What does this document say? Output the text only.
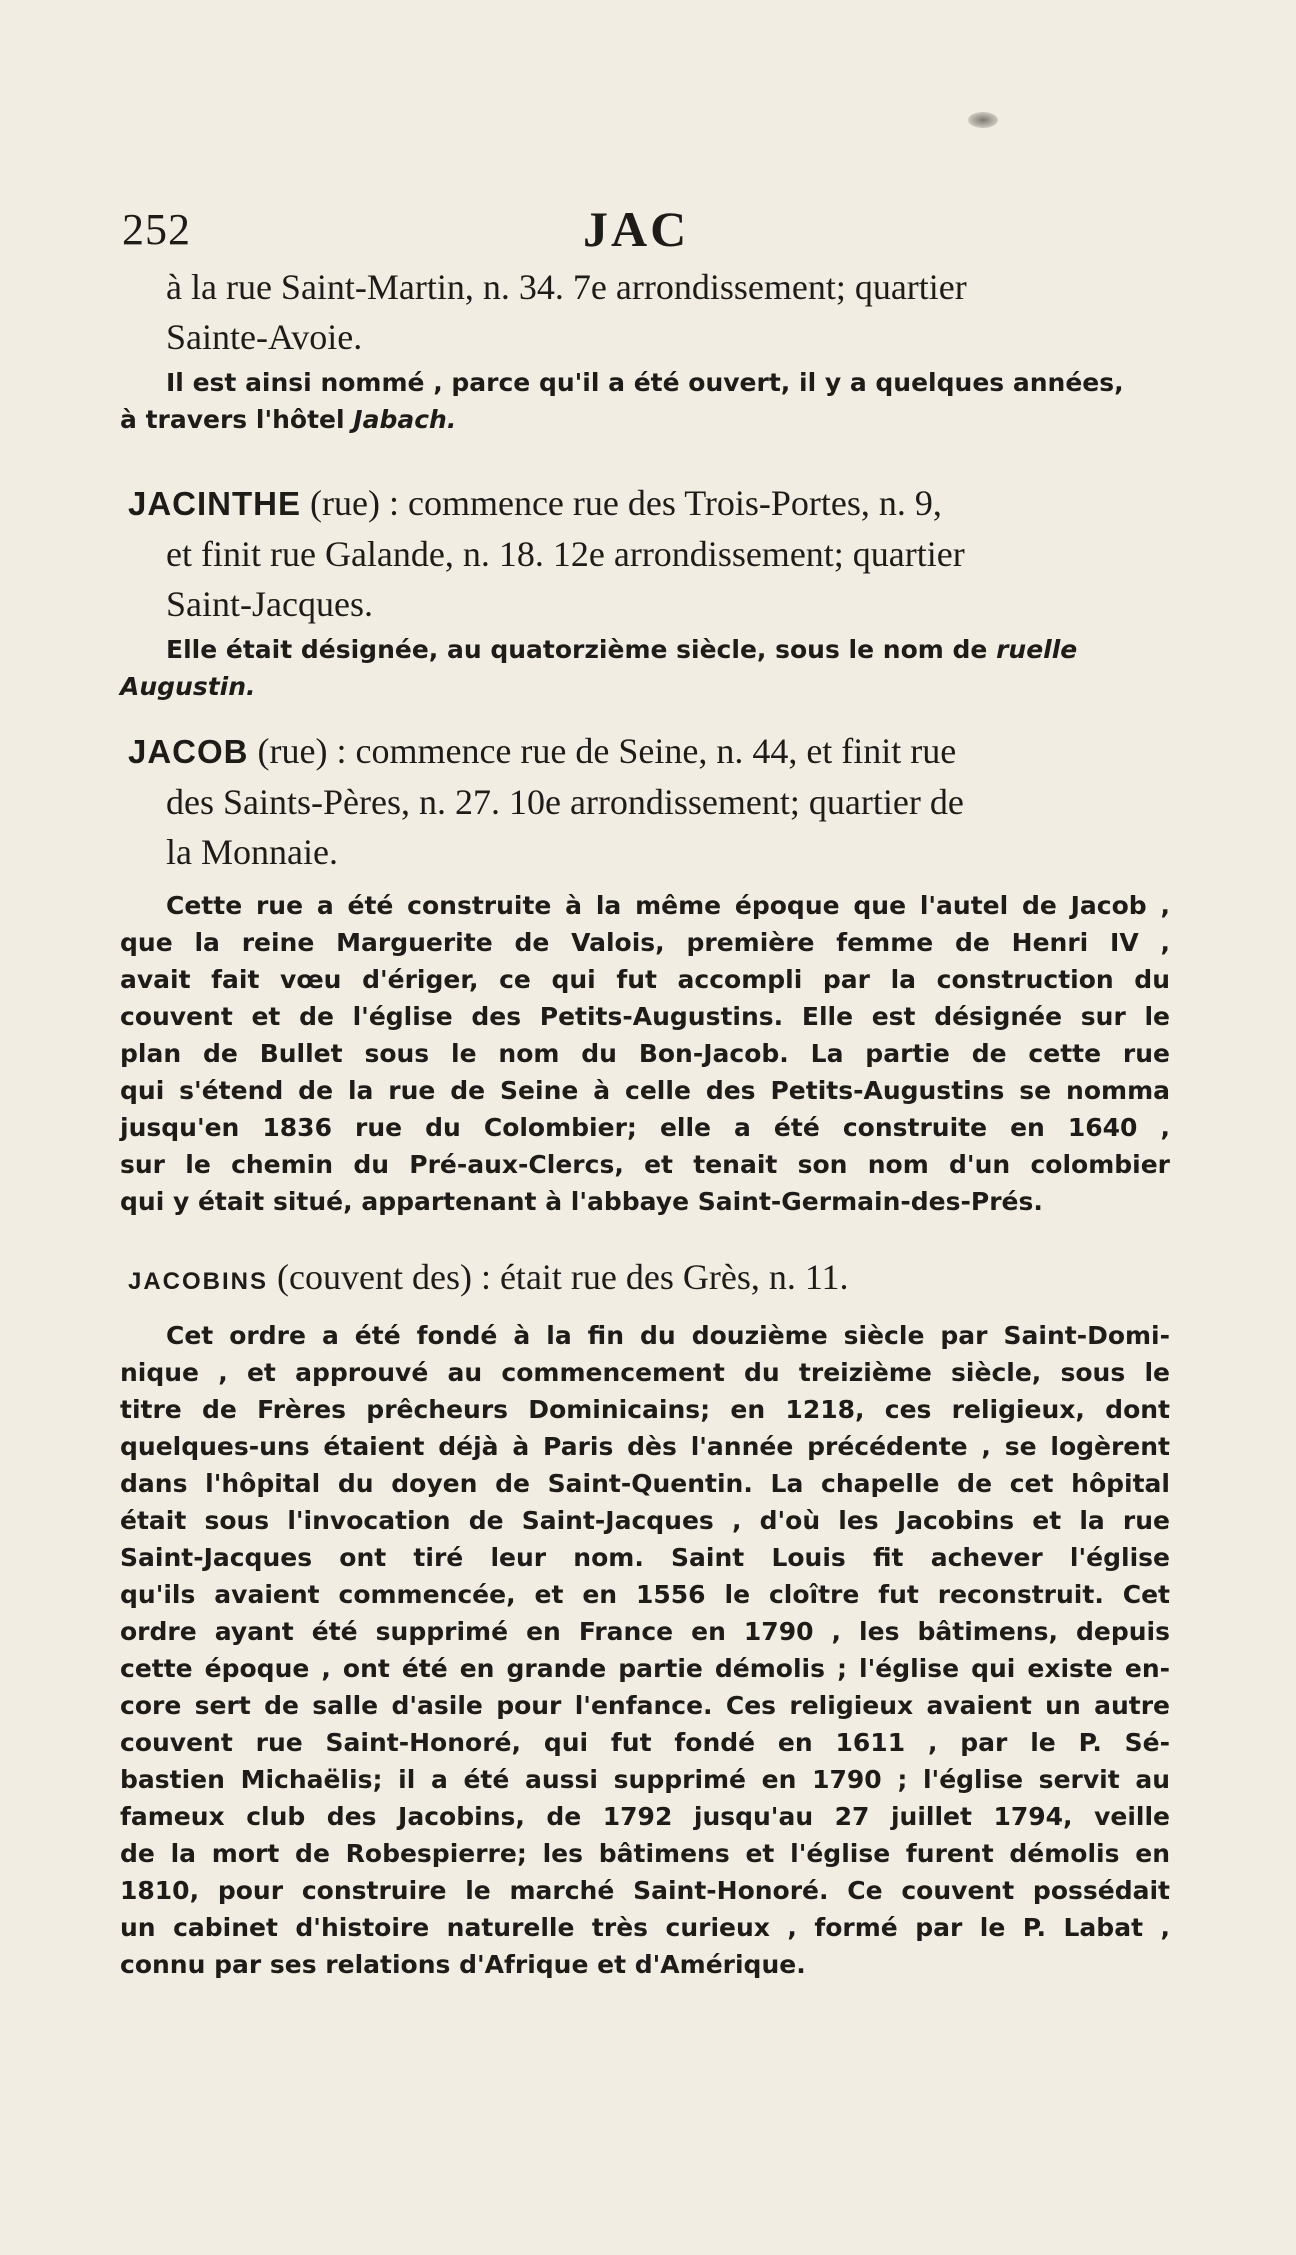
252	JAC
à la rue Saint-Martin, n. 34. 7e arrondissement; quartier
Sainte-Avoie.
Il est ainsi nommé , parce qu'il a été ouvert, il y a quelques années,
à travers l'hôtel Jabach.
JACINTHE (rue) : commence rue des Trois-Portes, n. 9,
et finit rue Galande, n. 18. 12e arrondissement; quartier
Saint-Jacques.
Elle était désignée, au quatorzième siècle, sous le nom de ruelle
Augustin.
JACOB (rue) : commence rue de Seine, n. 44, et finit rue
des Saints-Pères, n. 27. 10e arrondissement; quartier de
la Monnaie.
Cette rue a été construite à la même époque que l'autel de Jacob ,
que la reine Marguerite de Valois, première femme de Henri IV ,
avait fait vœu d'ériger, ce qui fut accompli par la construction du
couvent et de l'église des Petits-Augustins. Elle est désignée sur le
plan de Bullet sous le nom du Bon-Jacob. La partie de cette rue
qui s'étend de la rue de Seine à celle des Petits-Augustins se nomma
jusqu'en 1836 rue du Colombier; elle a été construite en 1640 ,
sur le chemin du Pré-aux-Clercs, et tenait son nom d'un colombier
qui y était situé, appartenant à l'abbaye Saint-Germain-des-Prés.
JACOBINS (couvent des) : était rue des Grès, n. 11.
Cet ordre a été fondé à la fin du douzième siècle par Saint-Domi-
nique , et approuvé au commencement du treizième siècle, sous le
titre de Frères prêcheurs Dominicains; en 1218, ces religieux, dont
quelques-uns étaient déjà à Paris dès l'année précédente , se logèrent
dans l'hôpital du doyen de Saint-Quentin. La chapelle de cet hôpital
était sous l'invocation de Saint-Jacques , d'où les Jacobins et la rue
Saint-Jacques ont tiré leur nom. Saint Louis fit achever l'église
qu'ils avaient commencée, et en 1556 le cloître fut reconstruit. Cet
ordre ayant été supprimé en France en 1790 , les bâtimens, depuis
cette époque , ont été en grande partie démolis ; l'église qui existe en-
core sert de salle d'asile pour l'enfance. Ces religieux avaient un autre
couvent rue Saint-Honoré, qui fut fondé en 1611 , par le P. Sé-
bastien Michaëlis; il a été aussi supprimé en 1790 ; l'église servit au
fameux club des Jacobins, de 1792 jusqu'au 27 juillet 1794, veille
de la mort de Robespierre; les bâtimens et l'église furent démolis en
1810, pour construire le marché Saint-Honoré. Ce couvent possédait
un cabinet d'histoire naturelle très curieux , formé par le P. Labat ,
connu par ses relations d'Afrique et d'Amérique.
